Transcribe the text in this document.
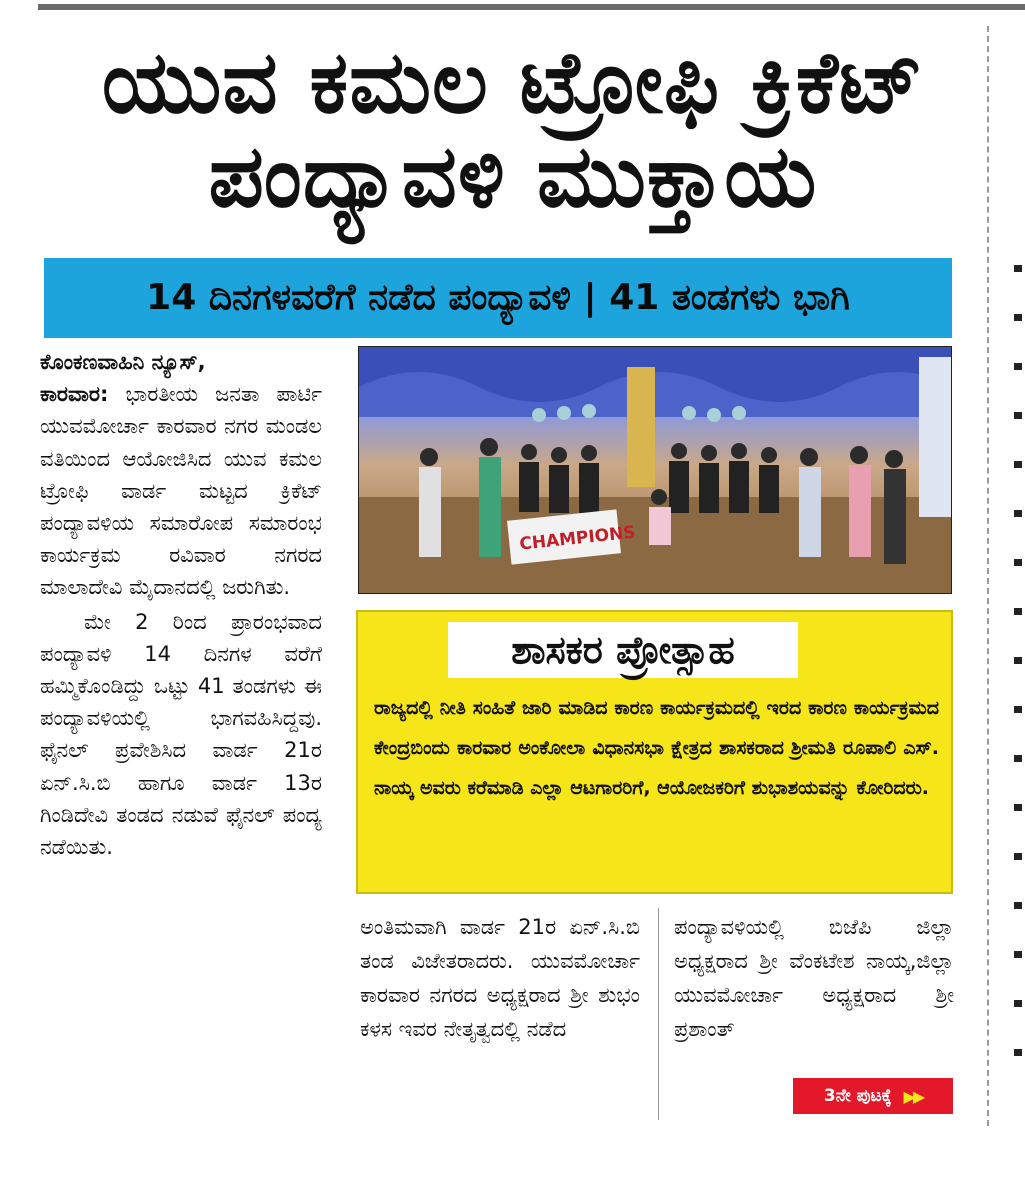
ಯುವ ಕಮಲ ಟ್ರೋಫಿ ಕ್ರಿಕೆಟ್
ಪಂದ್ಯಾವಳಿ ಮುಕ್ತಾಯ
14 ದಿನಗಳವರೆಗೆ ನಡೆದ ಪಂದ್ಯಾವಳಿ | 41 ತಂಡಗಳು ಭಾಗಿ

ಕೊಂಕಣವಾಹಿನಿ ನ್ಯೂಸ್,
ಕಾರವಾರ: ಭಾರತೀಯ ಜನತಾ ಪಾರ್ಟಿ ಯುವಮೋರ್ಚಾ ಕಾರವಾರ ನಗರ ಮಂಡಲ ವತಿಯಿಂದ ಆಯೋಜಿಸಿದ ಯುವ ಕಮಲ ಟ್ರೋಫಿ ವಾರ್ಡ ಮಟ್ಟದ ಕ್ರಿಕೆಟ್ ಪಂದ್ಯಾವಳಿಯ ಸಮಾರೋಪ ಸಮಾರಂಭ ಕಾರ್ಯಕ್ರಮ ರವಿವಾರ ನಗರದ ಮಾಲಾದೇವಿ ಮೈದಾನದಲ್ಲಿ ಜರುಗಿತು.

ಮೇ 2 ರಿಂದ ಪ್ರಾರಂಭವಾದ ಪಂದ್ಯಾವಳಿ 14 ದಿನಗಳ ವರೆಗೆ ಹಮ್ಮಿಕೊಂಡಿದ್ದು ಒಟ್ಟು 41 ತಂಡಗಳು ಈ ಪಂದ್ಯಾವಳಿಯಲ್ಲಿ ಭಾಗವಹಿಸಿದ್ದವು. ಫೈನಲ್ ಪ್ರವೇಶಿಸಿದ ವಾರ್ಡ 21ರ ಏನ್.ಸಿ.ಬಿ ಹಾಗೂ ವಾರ್ಡ 13ರ ಗಿಂಡಿದೇವಿ ತಂಡದ ನಡುವೆ ಫೈನಲ್ ಪಂದ್ಯ ನಡೆಯಿತು.

CHAMPIONS
ಶಾಸಕರ ಪ್ರೋತ್ಸಾಹ

ರಾಜ್ಯದಲ್ಲಿ ನೀತಿ ಸಂಹಿತೆ ಜಾರಿ ಮಾಡಿದ ಕಾರಣ ಕಾರ್ಯಕ್ರಮದಲ್ಲಿ ಇರದ ಕಾರಣ ಕಾರ್ಯಕ್ರಮದ ಕೇಂದ್ರಬಿಂದು ಕಾರವಾರ ಅಂಕೋಲಾ ವಿಧಾನಸಭಾ ಕ್ಷೇತ್ರದ ಶಾಸಕರಾದ ಶ್ರೀಮತಿ ರೂಪಾಲಿ ಎಸ್. ನಾಯ್ಕ ಅವರು ಕರೆಮಾಡಿ ಎಲ್ಲಾ ಆಟಗಾರರಿಗೆ, ಆಯೋಜಕರಿಗೆ ಶುಭಾಶಯವನ್ನು ಕೋರಿದರು.

ಅಂತಿಮವಾಗಿ ವಾರ್ಡ 21ರ ಏನ್.ಸಿ.ಬಿ ತಂಡ ವಿಜೇತರಾದರು. ಯುವಮೋರ್ಚಾ ಕಾರವಾರ ನಗರದ ಅಧ್ಯಕ್ಷರಾದ ಶ್ರೀ ಶುಭಂ ಕಳಸ ಇವರ ನೇತೃತ್ವದಲ್ಲಿ ನಡೆದ

ಪಂದ್ಯಾವಳಿಯಲ್ಲಿ ಬಿಜೆಪಿ ಜಿಲ್ಲಾ ಅಧ್ಯಕ್ಷರಾದ ಶ್ರೀ ವೆಂಕಟೇಶ ನಾಯ್ಕ,ಜಿಲ್ಲಾ ಯುವಮೋರ್ಚಾ ಅಧ್ಯಕ್ಷರಾದ ಶ್ರೀ ಪ್ರಶಾಂತ್

3ನೇ ಪುಟಕ್ಕೆ ▶▶
